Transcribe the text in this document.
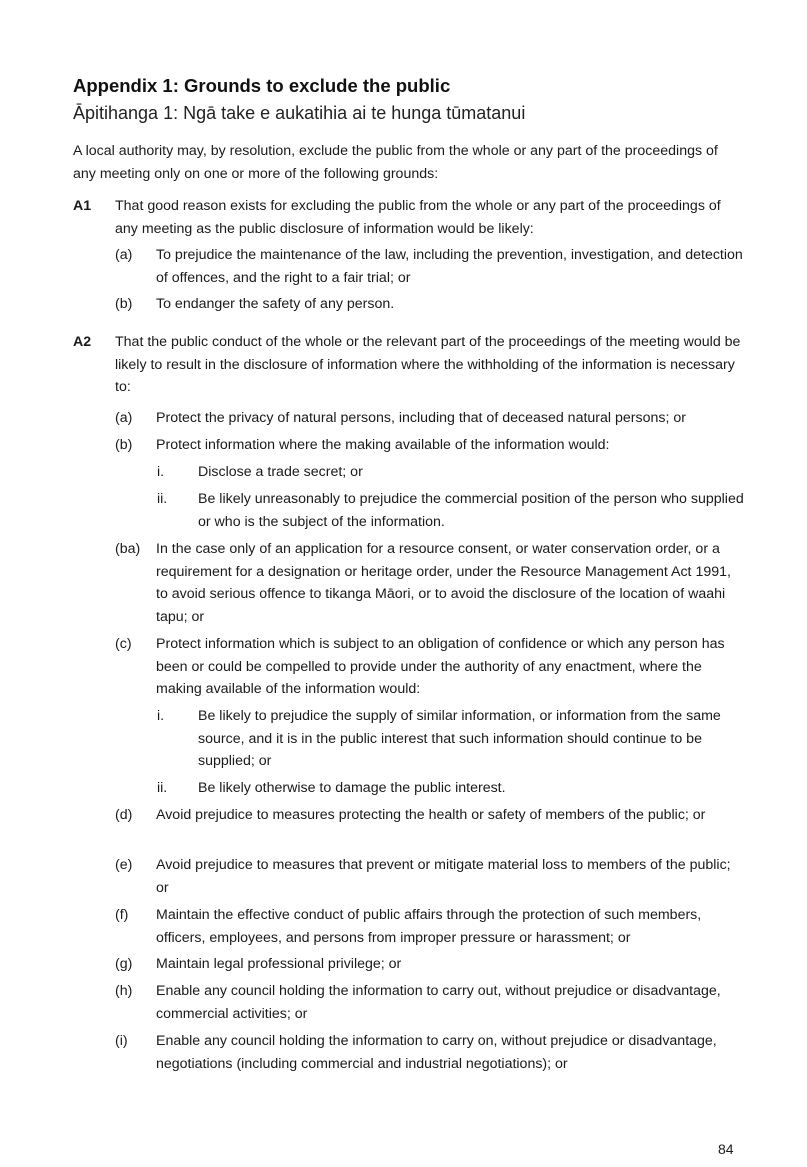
Appendix 1: Grounds to exclude the public
Āpitihanga 1: Ngā take e aukatihia ai te hunga tūmatanui
A local authority may, by resolution, exclude the public from the whole or any part of the proceedings of any meeting only on one or more of the following grounds:
A1 That good reason exists for excluding the public from the whole or any part of the proceedings of any meeting as the public disclosure of information would be likely:
(a) To prejudice the maintenance of the law, including the prevention, investigation, and detection of offences, and the right to a fair trial; or
(b) To endanger the safety of any person.
A2 That the public conduct of the whole or the relevant part of the proceedings of the meeting would be likely to result in the disclosure of information where the withholding of the information is necessary to:
(a) Protect the privacy of natural persons, including that of deceased natural persons; or
(b) Protect information where the making available of the information would:
i. Disclose a trade secret; or
ii. Be likely unreasonably to prejudice the commercial position of the person who supplied or who is the subject of the information.
(ba) In the case only of an application for a resource consent, or water conservation order, or a requirement for a designation or heritage order, under the Resource Management Act 1991, to avoid serious offence to tikanga Māori, or to avoid the disclosure of the location of waahi tapu; or
(c) Protect information which is subject to an obligation of confidence or which any person has been or could be compelled to provide under the authority of any enactment, where the making available of the information would:
i. Be likely to prejudice the supply of similar information, or information from the same source, and it is in the public interest that such information should continue to be supplied; or
ii. Be likely otherwise to damage the public interest.
(d) Avoid prejudice to measures protecting the health or safety of members of the public; or
(e) Avoid prejudice to measures that prevent or mitigate material loss to members of the public; or
(f) Maintain the effective conduct of public affairs through the protection of such members, officers, employees, and persons from improper pressure or harassment; or
(g) Maintain legal professional privilege; or
(h) Enable any council holding the information to carry out, without prejudice or disadvantage, commercial activities; or
(i) Enable any council holding the information to carry on, without prejudice or disadvantage, negotiations (including commercial and industrial negotiations); or
84
